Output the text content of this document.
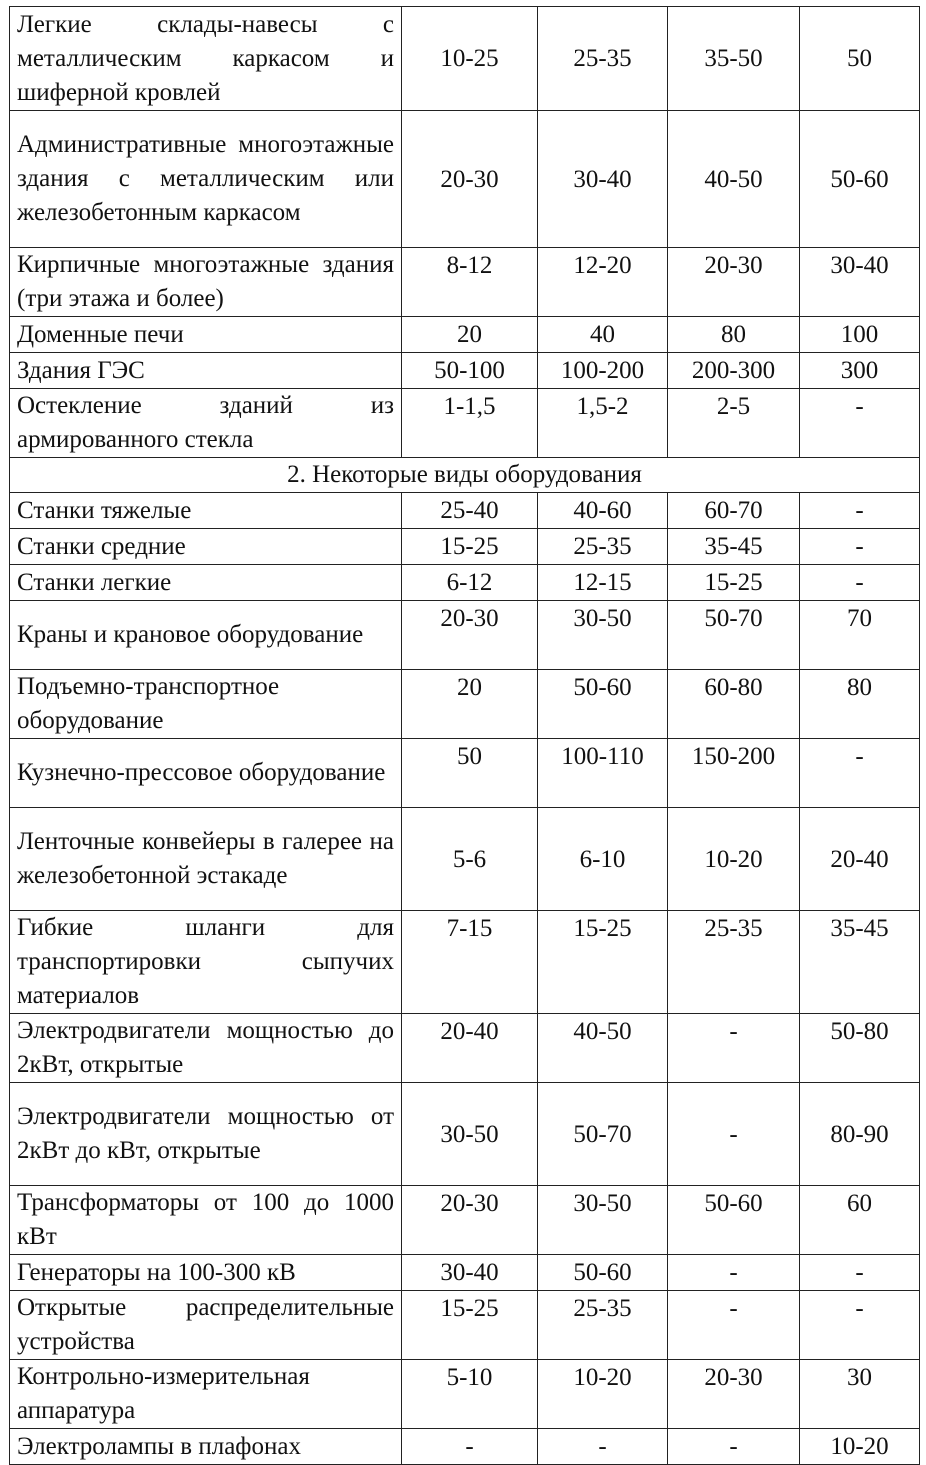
Легкие склады-навесы с металлическим каркасом и шиферной кровлей	10-25	25-35	35-50	50
Административные многоэтажные здания с металлическим или железобетонным каркасом	20-30	30-40	40-50	50-60
Кирпичные многоэтажные здания (три этажа и более)	8-12	12-20	20-30	30-40
Доменные печи	20	40	80	100
Здания ГЭС	50-100	100-200	200-300	300
Остекление зданий из армированного стекла	1-1,5	1,5-2	2-5	-
2. Некоторые виды оборудования				
Станки тяжелые	25-40	40-60	60-70	-
Станки средние	15-25	25-35	35-45	-
Станки легкие	6-12	12-15	15-25	-
Краны и крановое оборудование	20-30	30-50	50-70	70
Подъемно-транспортное оборудование	20	50-60	60-80	80
Кузнечно-прессовое оборудование	50	100-110	150-200	-
Ленточные конвейеры в галерее на железобетонной эстакаде	5-6	6-10	10-20	20-40
Гибкие шланги для транспортировки сыпучих материалов	7-15	15-25	25-35	35-45
Электродвигатели мощностью до 2кВт, открытые	20-40	40-50	-	50-80
Электродвигатели мощностью от 2кВт до кВт, открытые	30-50	50-70	-	80-90
Трансформаторы от 100 до 1000 кВт	20-30	30-50	50-60	60
Генераторы на 100-300 кВ	30-40	50-60	-	-
Открытые распределительные устройства	15-25	25-35	-	-
Контрольно-измерительная аппаратура	5-10	10-20	20-30	30
Электролампы в плафонах	-	-	-	10-20
